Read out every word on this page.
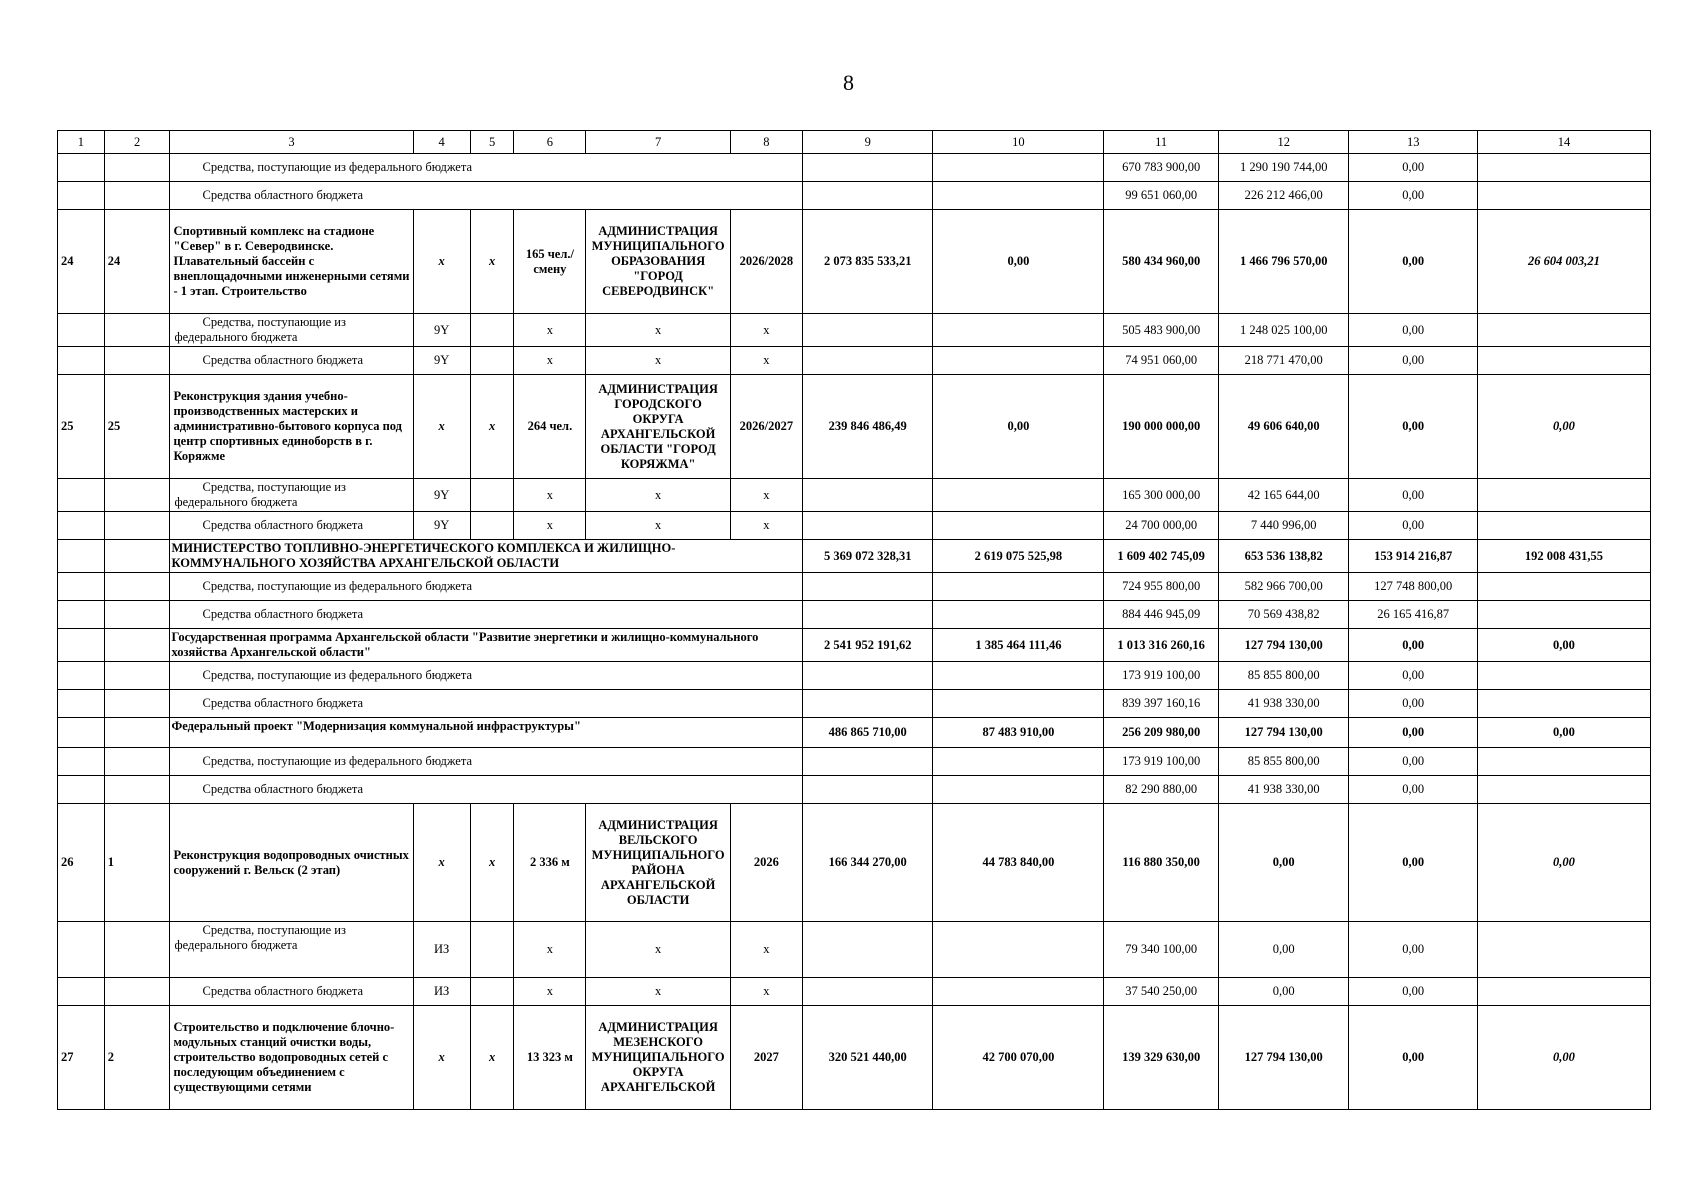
8
1	2	3	4	5	6	7	8	9	10	11	12	13	14
		Средства, поступающие из федерального бюджета								670 783 900,00	1 290 190 744,00	0,00	
		Средства областного бюджета								99 651 060,00	226 212 466,00	0,00	
24	24	Спортивный комплекс на стадионе "Север" в г. Северодвинске. Плавательный бассейн с внеплощадочными инженерными сетями - 1 этап. Строительство	х	х	165 чел./смену	АДМИНИСТРАЦИЯ МУНИЦИПАЛЬНОГО ОБРАЗОВАНИЯ "ГОРОД СЕВЕРОДВИНСК"	2026/2028	2 073 835 533,21	0,00	580 434 960,00	1 466 796 570,00	0,00	26 604 003,21
		Средства, поступающие из федерального бюджета	9Y		х	х	х			505 483 900,00	1 248 025 100,00	0,00	
		Средства областного бюджета	9Y		х	х	х			74 951 060,00	218 771 470,00	0,00	
25	25	Реконструкция здания учебно-производственных мастерских и административно-бытового корпуса под центр спортивных единоборств в г. Коряжме	х	х	264 чел.	АДМИНИСТРАЦИЯ ГОРОДСКОГО ОКРУГА АРХАНГЕЛЬСКОЙ ОБЛАСТИ "ГОРОД КОРЯЖМА"	2026/2027	239 846 486,49	0,00	190 000 000,00	49 606 640,00	0,00	0,00
		Средства, поступающие из федерального бюджета	9Y		х	х	х			165 300 000,00	42 165 644,00	0,00	
		Средства областного бюджета	9Y		х	х	х			24 700 000,00	7 440 996,00	0,00	
		МИНИСТЕРСТВО ТОПЛИВНО-ЭНЕРГЕТИЧЕСКОГО КОМПЛЕКСА И ЖИЛИЩНО-КОММУНАЛЬНОГО ХОЗЯЙСТВА АРХАНГЕЛЬСКОЙ ОБЛАСТИ						5 369 072 328,31	2 619 075 525,98	1 609 402 745,09	653 536 138,82	153 914 216,87	192 008 431,55
		Средства, поступающие из федерального бюджета								724 955 800,00	582 966 700,00	127 748 800,00	
		Средства областного бюджета								884 446 945,09	70 569 438,82	26 165 416,87	
		Государственная программа Архангельской области "Развитие энергетики и жилищно-коммунального хозяйства Архангельской области"						2 541 952 191,62	1 385 464 111,46	1 013 316 260,16	127 794 130,00	0,00	0,00
		Средства, поступающие из федерального бюджета								173 919 100,00	85 855 800,00	0,00	
		Средства областного бюджета								839 397 160,16	41 938 330,00	0,00	
		Федеральный проект "Модернизация коммунальной инфраструктуры"						486 865 710,00	87 483 910,00	256 209 980,00	127 794 130,00	0,00	0,00
		Средства, поступающие из федерального бюджета								173 919 100,00	85 855 800,00	0,00	
		Средства областного бюджета								82 290 880,00	41 938 330,00	0,00	
26	1	Реконструкция водопроводных очистных сооружений г. Вельск (2 этап)	х	х	2 336 м	АДМИНИСТРАЦИЯ ВЕЛЬСКОГО МУНИЦИПАЛЬНОГО РАЙОНА АРХАНГЕЛЬСКОЙ ОБЛАСТИ	2026	166 344 270,00	44 783 840,00	116 880 350,00	0,00	0,00	0,00
		Средства, поступающие из федерального бюджета	ИЗ		х	х	х			79 340 100,00	0,00	0,00	
		Средства областного бюджета	ИЗ		х	х	х			37 540 250,00	0,00	0,00	
27	2	Строительство и подключение блочно-модульных станций очистки воды, строительство водопроводных сетей с последующим объединением с существующими сетями	х	х	13 323 м	АДМИНИСТРАЦИЯ МЕЗЕНСКОГО МУНИЦИПАЛЬНОГО ОКРУГА АРХАНГЕЛЬСКОЙ	2027	320 521 440,00	42 700 070,00	139 329 630,00	127 794 130,00	0,00	0,00
